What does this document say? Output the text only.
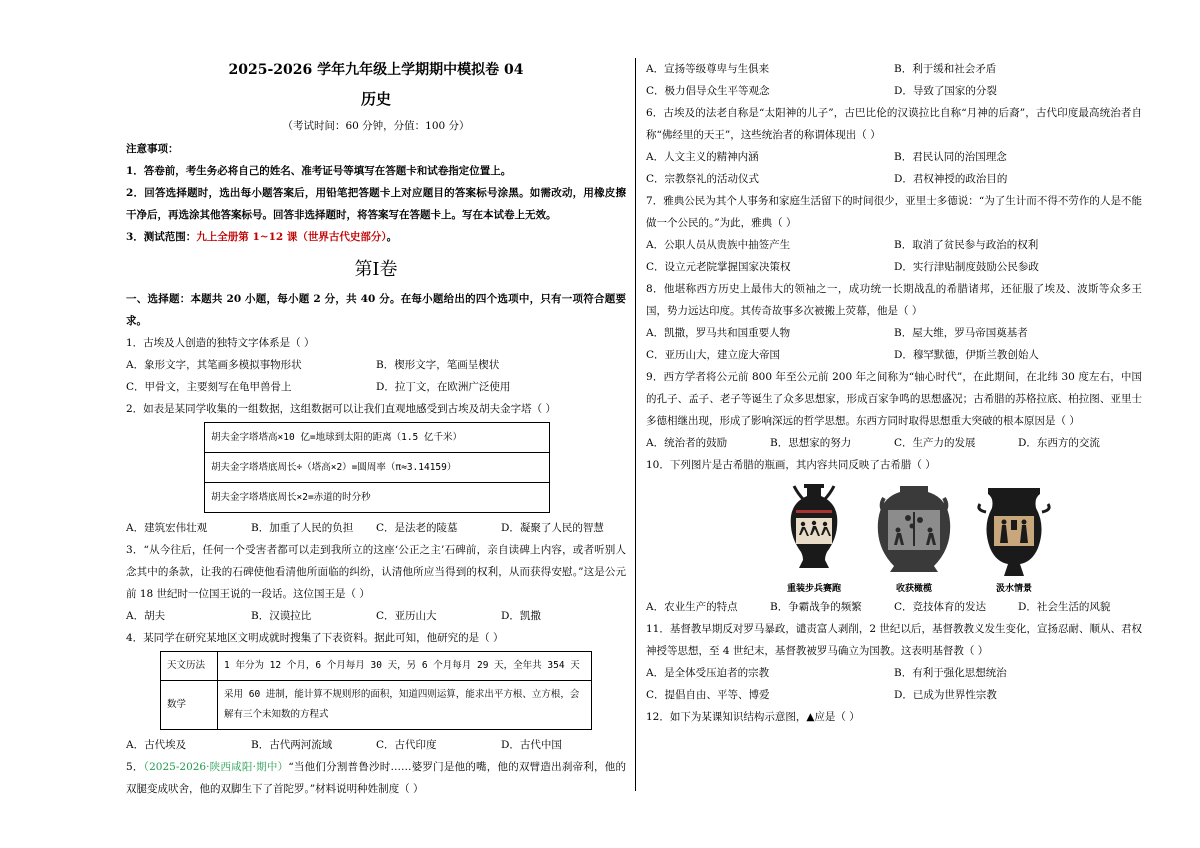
2025-2026 学年九年级上学期期中模拟卷 04
历史
（考试时间：60 分钟，分值：100 分）
注意事项：
1．答卷前，考生务必将自己的姓名、准考证号等填写在答题卡和试卷指定位置上。
2．回答选择题时，选出每小题答案后，用铅笔把答题卡上对应题目的答案标号涂黑。如需改动，用橡皮擦干净后，再选涂其他答案标号。回答非选择题时，将答案写在答题卡上。写在本试卷上无效。
3．测试范围：九上全册第 1~12 课（世界古代史部分）。
第Ⅰ卷
一、选择题：本题共 20 小题，每小题 2 分，共 40 分。在每小题给出的四个选项中，只有一项符合题要求。
1．古埃及人创造的独特文字体系是（ ）
A．象形文字，其笔画多模拟事物形状	B．楔形文字，笔画呈楔状
C．甲骨文，主要刻写在龟甲兽骨上	D．拉丁文，在欧洲广泛使用
2．如表是某同学收集的一组数据，这组数据可以让我们直观地感受到古埃及胡夫金字塔（ ）
胡夫金字塔塔高×10 亿=地球到太阳的距离（1.5 亿千米）
胡夫金字塔塔底周长÷（塔高×2）=圆周率（π≈3.14159）
胡夫金字塔塔底周长×2=赤道的时分秒
A．建筑宏伟壮观	B．加重了人民的负担	C．是法老的陵墓	D．凝聚了人民的智慧
3．“从今往后，任何一个受害者都可以走到我所立的这座‘公正之主’石碑前，亲自读碑上内容，或者听别人念其中的条款，让我的石碑使他看清他所面临的纠纷，认清他所应当得到的权利，从而获得安慰。”这是公元前 18 世纪时一位国王说的一段话。这位国王是（ ）
A．胡夫	B．汉谟拉比	C．亚历山大	D．凯撒
4．某同学在研究某地区文明成就时搜集了下表资料。据此可知，他研究的是（ ）
天文历法	1 年分为 12 个月，6 个月每月 30 天，另 6 个月每月 29 天，全年共 354 天
数学	采用 60 进制，能计算不规则形的面积，知道四则运算，能求出平方根、立方根，会解有三个未知数的方程式
A．古代埃及	B．古代两河流域	C．古代印度	D．古代中国
5．（2025-2026·陕西咸阳·期中）“当他们分割普鲁沙时……婆罗门是他的嘴，他的双臂造出刹帝利，他的双腿变成吠舍，他的双脚生下了首陀罗。”材料说明种姓制度（ ）
A．宣扬等级尊卑与生俱来	B．利于缓和社会矛盾
C．极力倡导众生平等观念	D．导致了国家的分裂
6．古埃及的法老自称是“太阳神的儿子”，古巴比伦的汉谟拉比自称“月神的后裔”，古代印度最高统治者自称“佛经里的天王”，这些统治者的称谓体现出（ ）
A．人文主义的精神内涵	B．君民认同的治国理念
C．宗教祭礼的活动仪式	D．君权神授的政治目的
7．雅典公民为其个人事务和家庭生活留下的时间很少，亚里士多德说：“为了生计而不得不劳作的人是不能做一个公民的。”为此，雅典（ ）
A．公职人员从贵族中抽签产生	B．取消了贫民参与政治的权利
C．设立元老院掌握国家决策权	D．实行津贴制度鼓励公民参政
8．他堪称西方历史上最伟大的领袖之一，成功统一长期战乱的希腊诸邦，还征服了埃及、波斯等众多王国，势力远达印度。其传奇故事多次被搬上荧幕，他是（ ）
A．凯撒，罗马共和国重要人物	B．屋大维，罗马帝国奠基者
C．亚历山大，建立庞大帝国	D．穆罕默德，伊斯兰教创始人
9．西方学者将公元前 800 年至公元前 200 年之间称为“轴心时代”，在此期间，在北纬 30 度左右，中国的孔子、孟子、老子等诞生了众多思想家，形成百家争鸣的思想盛况；古希腊的苏格拉底、柏拉图、亚里士多德相继出现，形成了影响深远的哲学思想。东西方同时取得思想重大突破的根本原因是（ ）
A．统治者的鼓励	B．思想家的努力	C．生产力的发展	D．东西方的交流
10．下列图片是古希腊的瓶画，其内容共同反映了古希腊（ ）
重装步兵赛跑	收获橄榄	汲水情景
A．农业生产的特点	B．争霸战争的频繁	C．竞技体育的发达	D．社会生活的风貌
11．基督教早期反对罗马暴政，谴责富人剥削，2 世纪以后，基督教教义发生变化，宣扬忍耐、顺从、君权神授等思想，至 4 世纪末，基督教被罗马确立为国教。这表明基督教（ ）
A．是全体受压迫者的宗教	B．有利于强化思想统治
C．提倡自由、平等、博爱	D．已成为世界性宗教
12．如下为某课知识结构示意图，▲应是（ ）
